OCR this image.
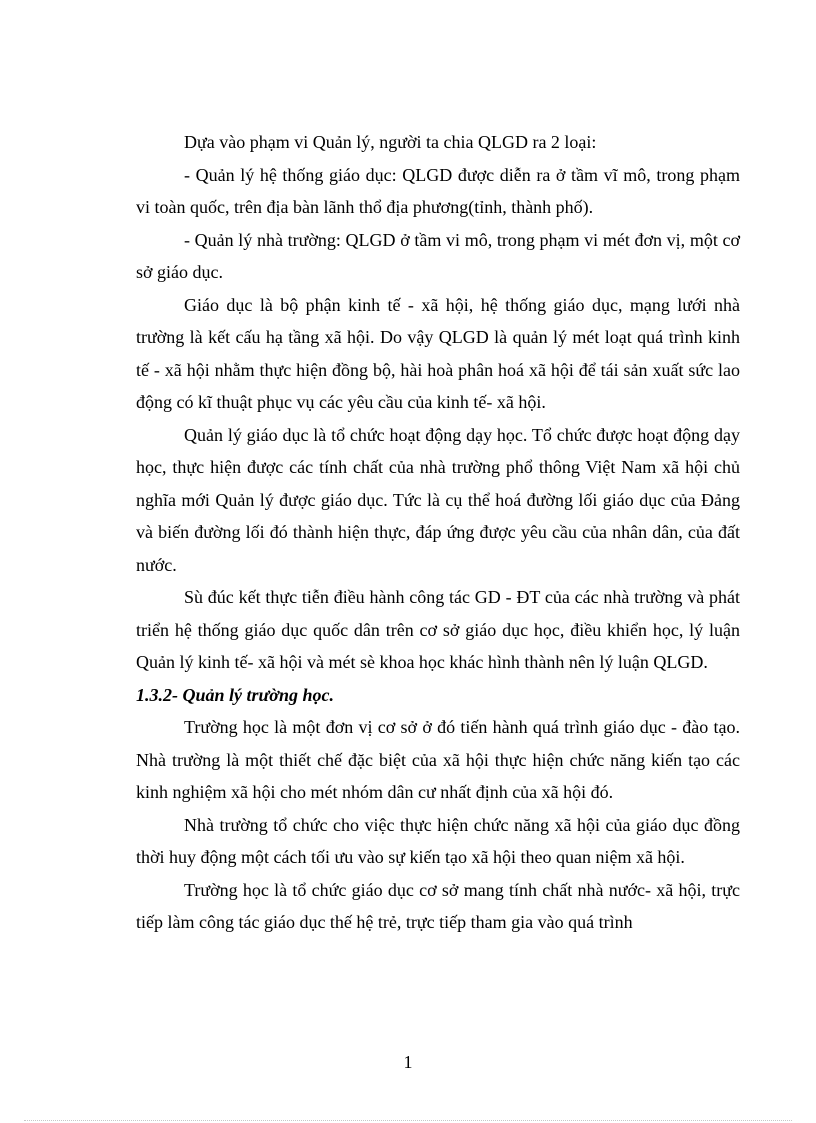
Dựa vào phạm vi Quản lý, người ta chia QLGD ra 2 loại:

- Quản lý hệ thống giáo dục: QLGD được diễn ra ở tầm vĩ mô, trong phạm vi toàn quốc, trên địa bàn lãnh thổ địa phương(tỉnh, thành phố).

- Quản lý nhà trường: QLGD ở tầm vi mô, trong phạm vi mét đơn vị, một cơ sở giáo dục.

Giáo dục là bộ phận kinh tế - xã hội, hệ thống giáo dục, mạng lưới nhà trường là kết cấu hạ tầng xã hội. Do vậy QLGD là quản lý mét loạt quá trình kinh tế - xã hội nhằm thực hiện đồng bộ, hài hoà phân hoá xã hội để tái sản xuất sức lao động có kĩ thuật phục vụ các yêu cầu của kinh tế- xã hội.

Quản lý giáo dục là tổ chức hoạt động dạy học. Tổ chức được hoạt động dạy học, thực hiện được các tính chất của nhà trường phổ thông Việt Nam xã hội chủ nghĩa mới Quản lý được giáo dục. Tức là cụ thể hoá đường lối giáo dục của Đảng và biến đường lối đó thành hiện thực, đáp ứng được yêu cầu của nhân dân, của đất nước.

Sù đúc kết thực tiễn điều hành công tác GD - ĐT của các nhà trường và phát triển hệ thống giáo dục quốc dân trên cơ sở giáo dục học, điều khiển học, lý luận Quản lý kinh tế- xã hội và mét sè khoa học khác hình thành nên lý luận QLGD.

1.3.2- Quản lý trường học.

Trường học là một đơn vị cơ sở ở đó tiến hành quá trình giáo dục - đào tạo. Nhà trường là một thiết chế đặc biệt của xã hội thực hiện chức năng kiến tạo các kinh nghiệm xã hội cho mét nhóm dân cư nhất định của xã hội đó.

Nhà trường tổ chức cho việc thực hiện chức năng xã hội của giáo dục đồng thời huy động một cách tối ưu vào sự kiến tạo xã hội theo quan niệm xã hội.

Trường học là tổ chức giáo dục cơ sở mang tính chất nhà nước- xã hội, trực tiếp làm công tác giáo dục thế hệ trẻ, trực tiếp tham gia vào quá trình

1
